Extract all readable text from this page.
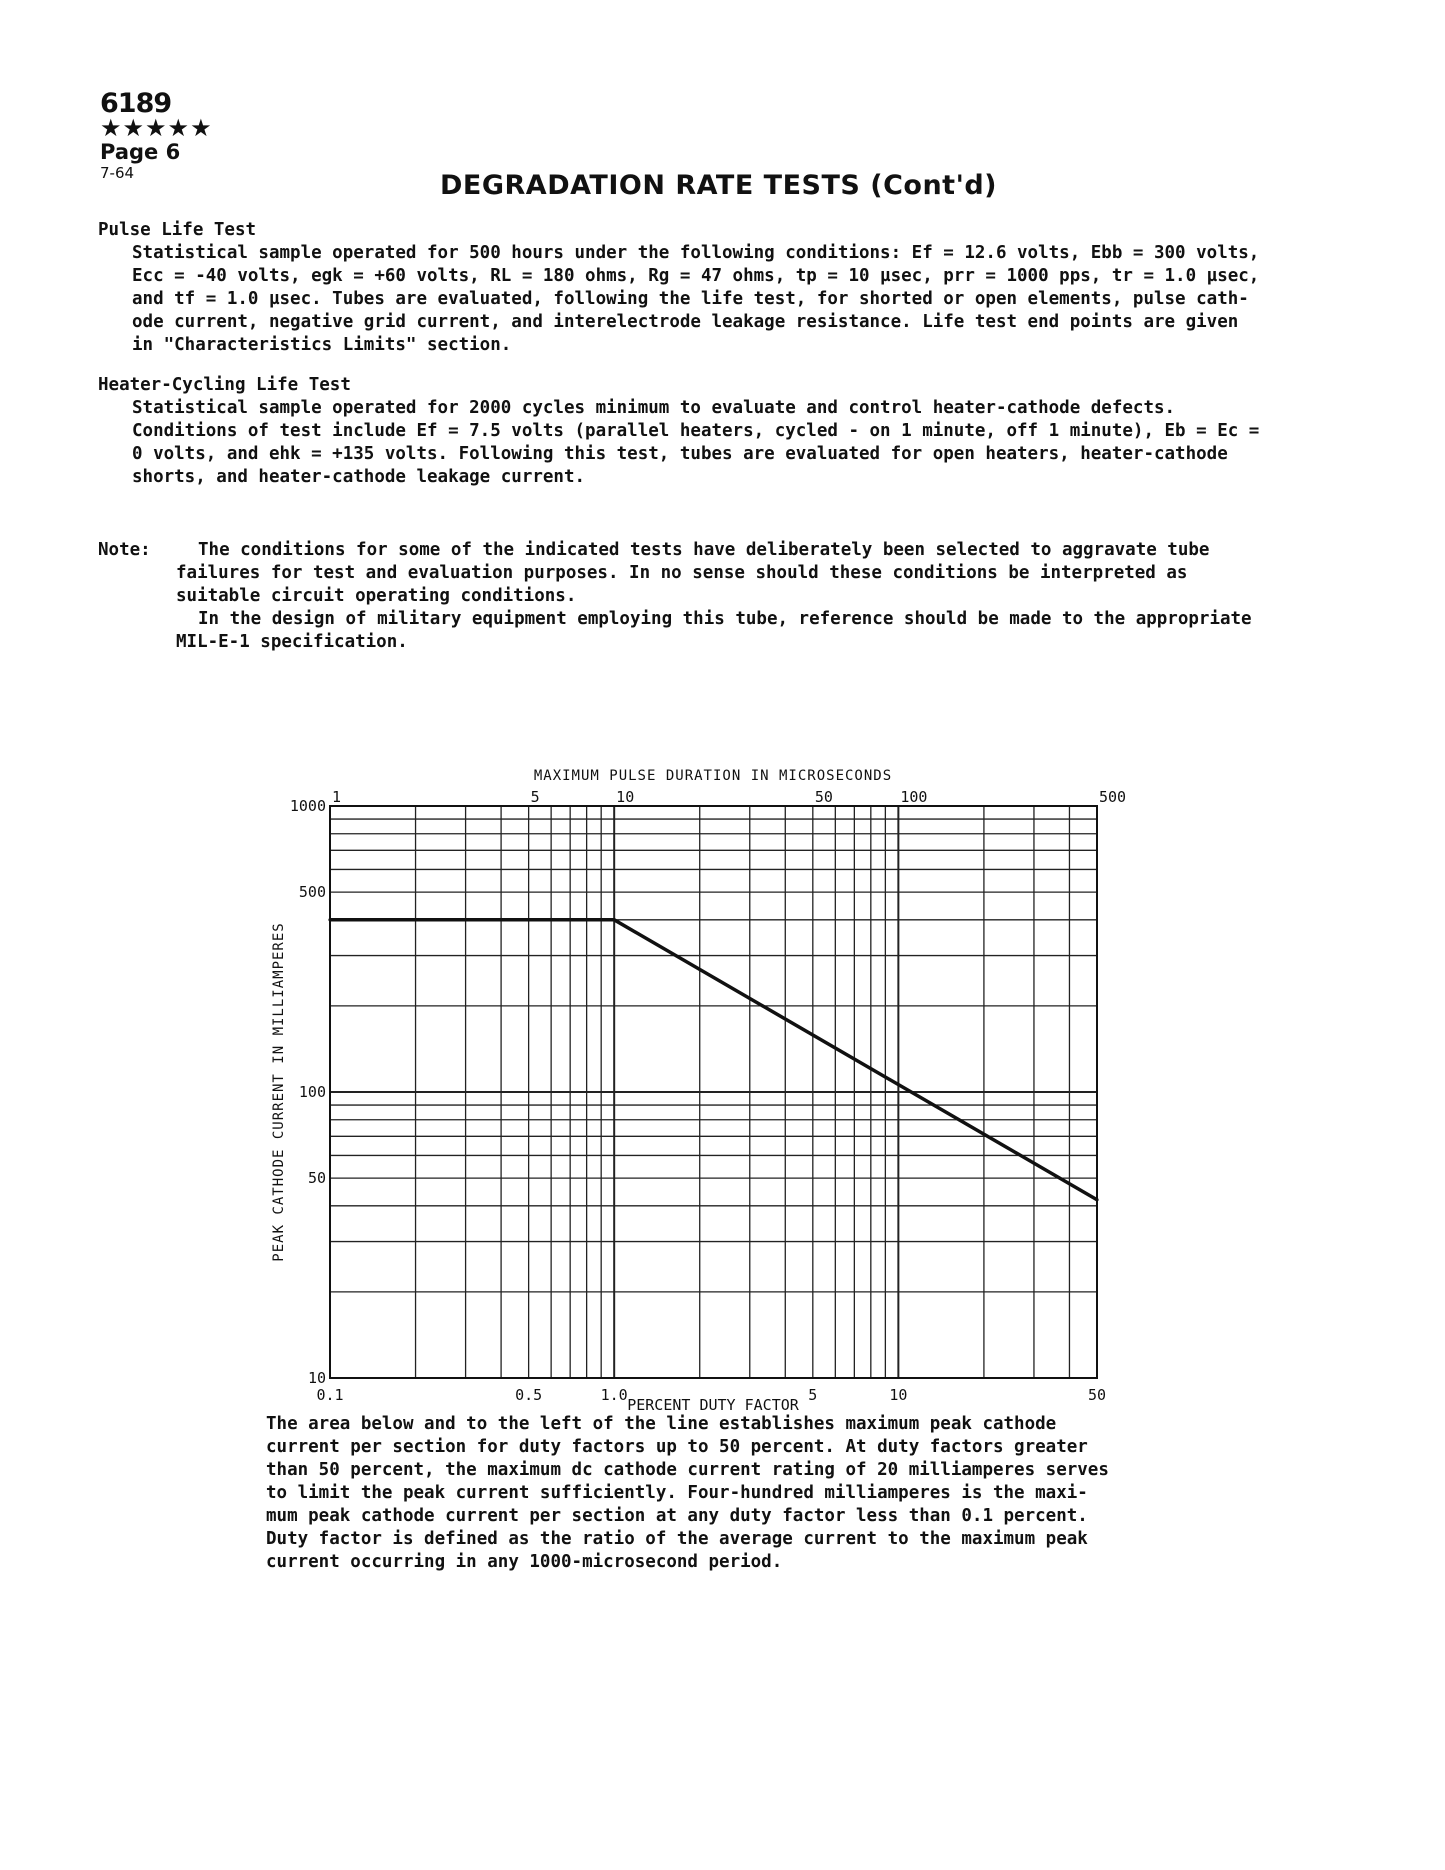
6189
★★★★★
Page 6
7-64	DEGRADATION RATE TESTS (Cont'd)
Pulse Life Test
Statistical sample operated for 500 hours under the following conditions: Ef = 12.6 volts, Ebb = 300 volts,
Ecc = -40 volts, egk = +60 volts, RL = 180 ohms, Rg = 47 ohms, tp = 10 µsec, prr = 1000 pps, tr = 1.0 µsec,
and tf = 1.0 µsec. Tubes are evaluated, following the life test, for shorted or open elements, pulse cath-
ode current, negative grid current, and interelectrode leakage resistance. Life test end points are given
in "Characteristics Limits" section.
Heater-Cycling Life Test
Statistical sample operated for 2000 cycles minimum to evaluate and control heater-cathode defects.
Conditions of test include Ef = 7.5 volts (parallel heaters, cycled - on 1 minute, off 1 minute), Eb = Ec =
0 volts, and ehk = +135 volts. Following this test, tubes are evaluated for open heaters, heater-cathode
shorts, and heater-cathode leakage current.
Note:	The conditions for some of the indicated tests have deliberately been selected to aggravate tube
failures for test and evaluation purposes. In no sense should these conditions be interpreted as
suitable circuit operating conditions.
In the design of military equipment employing this tube, reference should be made to the appropriate
MIL-E-1 specification.
0.1	0.5	1.0	5	10	50
1	5	10	50	100	500
10
50
100
500
1000
MAXIMUM PULSE DURATION IN MICROSECONDS
PERCENT DUTY FACTOR
PEAK CATHODE CURRENT IN MILLIAMPERES
The area below and to the left of the line establishes maximum peak cathode
current per section for duty factors up to 50 percent. At duty factors greater
than 50 percent, the maximum dc cathode current rating of 20 milliamperes serves
to limit the peak current sufficiently. Four-hundred milliamperes is the maxi-
mum peak cathode current per section at any duty factor less than 0.1 percent.
Duty factor is defined as the ratio of the average current to the maximum peak
current occurring in any 1000-microsecond period.
